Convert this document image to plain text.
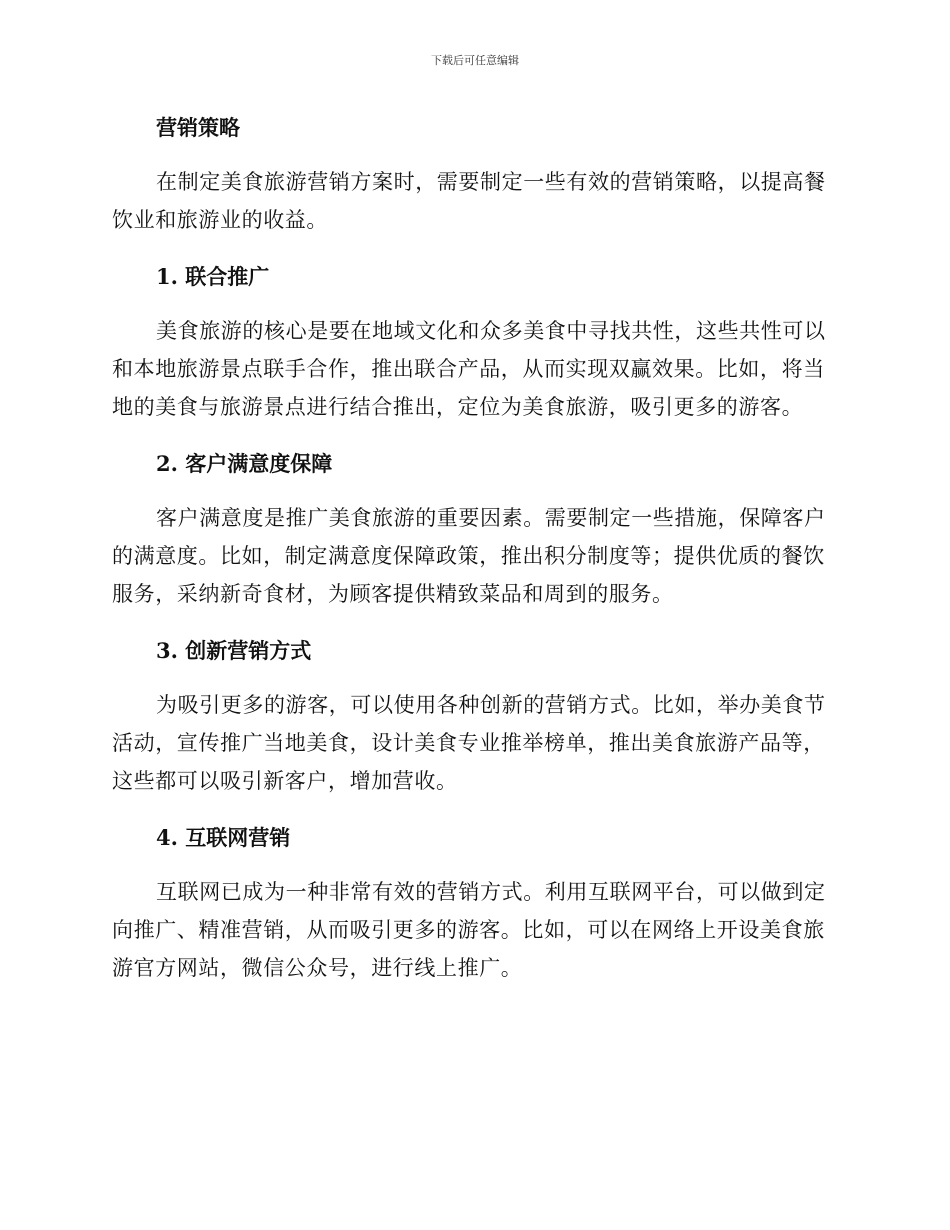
下载后可任意编辑
营销策略

在制定美食旅游营销方案时，需要制定一些有效的营销策略，以提高餐饮业和旅游业的收益。

1. 联合推广

美食旅游的核心是要在地域文化和众多美食中寻找共性，这些共性可以和本地旅游景点联手合作，推出联合产品，从而实现双赢效果。比如，将当地的美食与旅游景点进行结合推出，定位为美食旅游，吸引更多的游客。

2. 客户满意度保障

客户满意度是推广美食旅游的重要因素。需要制定一些措施，保障客户的满意度。比如，制定满意度保障政策，推出积分制度等；提供优质的餐饮服务，采纳新奇食材，为顾客提供精致菜品和周到的服务。

3. 创新营销方式

为吸引更多的游客，可以使用各种创新的营销方式。比如，举办美食节活动，宣传推广当地美食，设计美食专业推举榜单，推出美食旅游产品等，这些都可以吸引新客户，增加营收。

4. 互联网营销

互联网已成为一种非常有效的营销方式。利用互联网平台，可以做到定向推广、精准营销，从而吸引更多的游客。比如，可以在网络上开设美食旅游官方网站，微信公众号，进行线上推广。
